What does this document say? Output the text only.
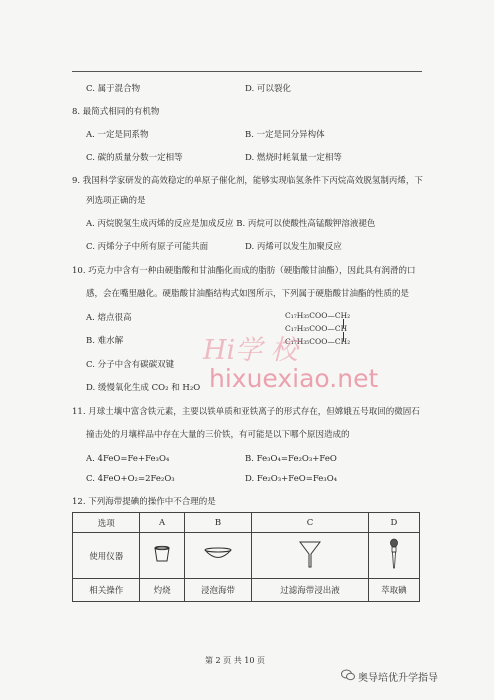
C. 属于混合物	D. 可以裂化
8. 最简式相同的有机物
A. 一定是同系物	B. 一定是同分异构体
C. 碳的质量分数一定相等	D. 燃烧时耗氧量一定相等
9. 我国科学家研发的高效稳定的单原子催化剂，能够实现临氢条件下丙烷高效脱氢制丙烯，下
列选项正确的是
A. 丙烷脱氢生成丙烯的反应是加成反应 B. 丙烷可以使酸性高锰酸钾溶液褪色
C. 丙烯分子中所有原子可能共面	D. 丙烯可以发生加聚反应
10. 巧克力中含有一种由硬脂酸和甘油酯化而成的脂肪（硬脂酸甘油酯），因此具有润滑的口
感，会在嘴里融化。硬脂酸甘油酯结构式如图所示，下列属于硬脂酸甘油酯的性质的是
A. 熔点很高
B. 难水解
C. 分子中含有碳碳双键
D. 缓慢氧化生成 CO₂ 和 H₂O
C₁₇H₃₅COO—CH₂
C₁₇H₃₅COO—CH
C₁₇H₃₅COO—CH₂
Hi学 校
hixuexiao.net
11. 月球土壤中富含铁元素，主要以铁单质和亚铁离子的形式存在，但嫦娥五号取回的微固石
撞击处的月壤样品中存在大量的三价铁，有可能是以下哪个原因造成的
A. 4FeO=Fe+Fe₃O₄	B. Fe₃O₄=Fe₂O₃+FeO
C. 4FeO+O₂=2Fe₂O₃	D. Fe₂O₃+FeO=Fe₃O₄
12. 下列海带提碘的操作中不合理的是
选项	A	B	C	D
使用仪器				
相关操作	灼烧	浸泡海带	过滤海带浸出液	萃取碘
第 2 页 共 10 页
奥导培优升学指导
